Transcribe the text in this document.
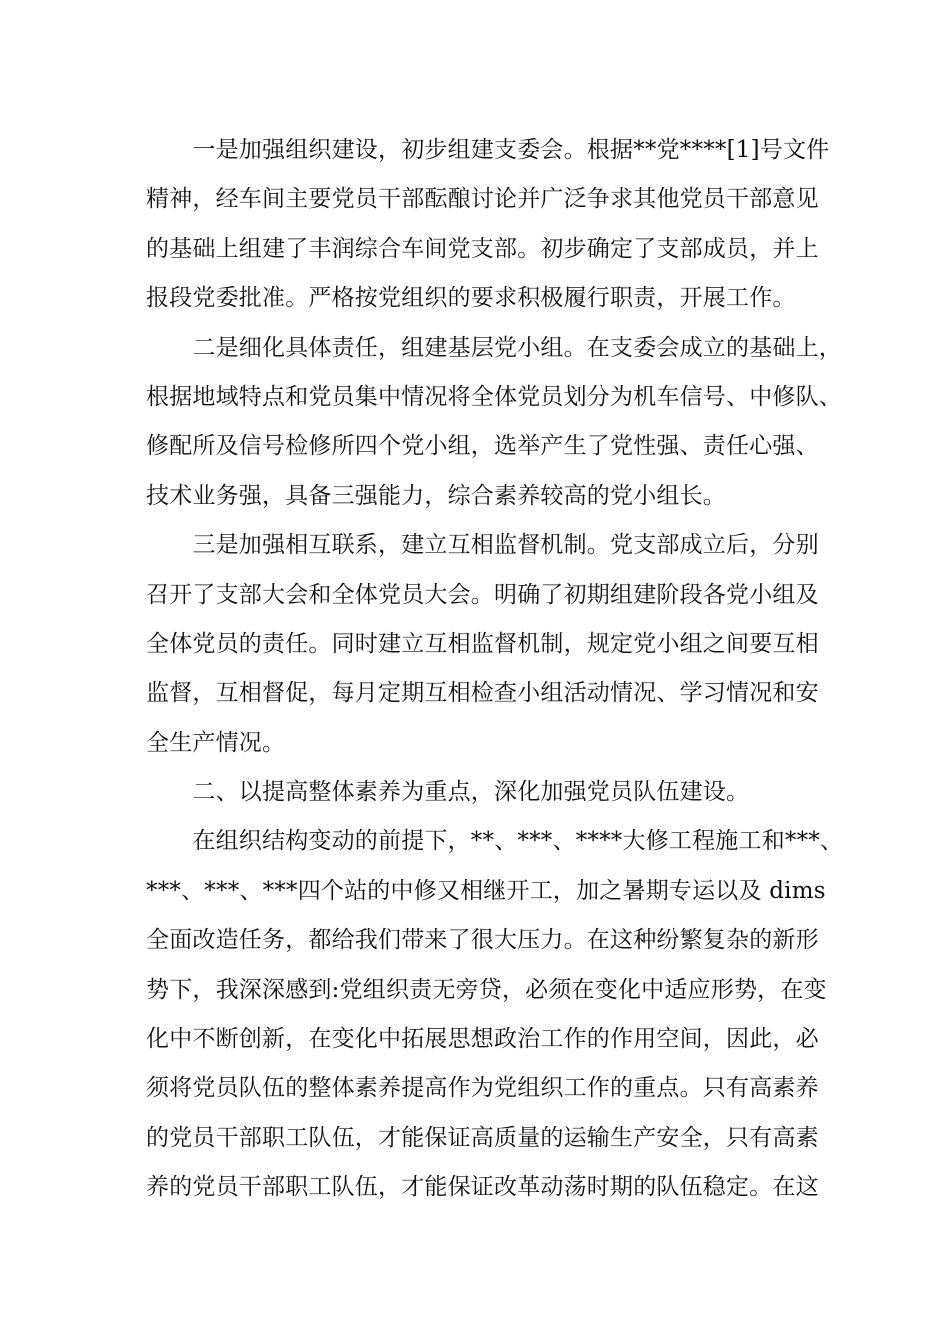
　　一是加强组织建设，初步组建支委会。根据**党****[1]号文件
精神，经车间主要党员干部酝酿讨论并广泛争求其他党员干部意见
的基础上组建了丰润综合车间党支部。初步确定了支部成员，并上
报段党委批准。严格按党组织的要求积极履行职责，开展工作。
　　二是细化具体责任，组建基层党小组。在支委会成立的基础上，
根据地域特点和党员集中情况将全体党员划分为机车信号、中修队、
修配所及信号检修所四个党小组，选举产生了党性强、责任心强、
技术业务强，具备三强能力，综合素养较高的党小组长。
　　三是加强相互联系，建立互相监督机制。党支部成立后，分别
召开了支部大会和全体党员大会。明确了初期组建阶段各党小组及
全体党员的责任。同时建立互相监督机制，规定党小组之间要互相
监督，互相督促，每月定期互相检查小组活动情况、学习情况和安
全生产情况。
　　二、以提高整体素养为重点，深化加强党员队伍建设。
　　在组织结构变动的前提下，**、***、****大修工程施工和***、
***、***、***四个站的中修又相继开工，加之暑期专运以及 dims
全面改造任务，都给我们带来了很大压力。在这种纷繁复杂的新形
势下，我深深感到:党组织责无旁贷，必须在变化中适应形势，在变
化中不断创新，在变化中拓展思想政治工作的作用空间，因此，必
须将党员队伍的整体素养提高作为党组织工作的重点。只有高素养
的党员干部职工队伍，才能保证高质量的运输生产安全，只有高素
养的党员干部职工队伍，才能保证改革动荡时期的队伍稳定。在这
